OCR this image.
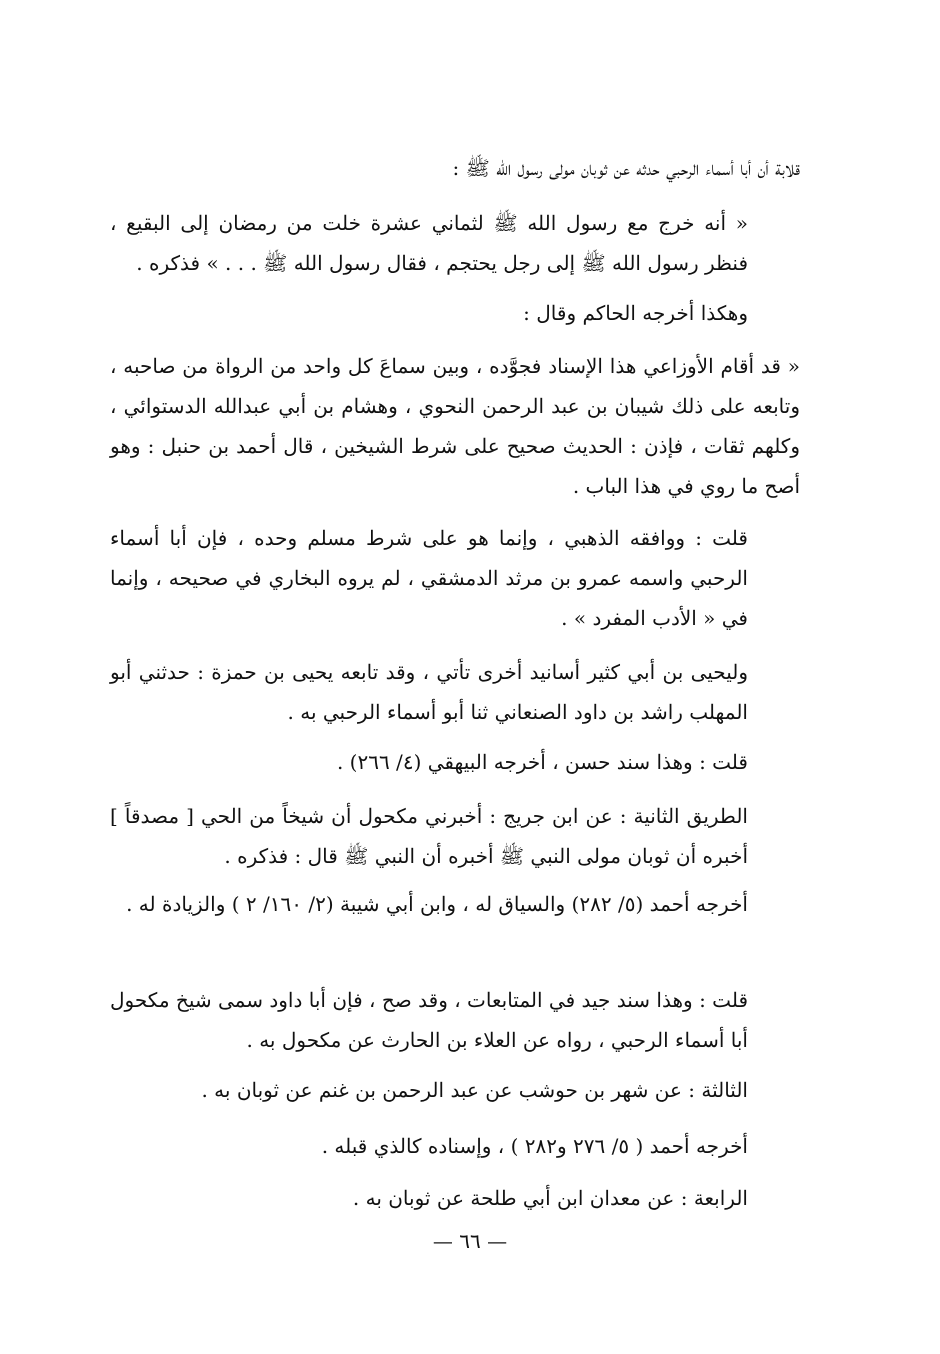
قلابة أن أبا أسماء الرحبي حدثه عن ثوبان مولى رسول الله ﷺ :

« أنه خرج مع رسول الله ﷺ لثماني عشرة خلت من رمضان إلى البقيع ، فنظر رسول الله ﷺ إلى رجل يحتجم ، فقال رسول الله ﷺ . . . » فذكره .

وهكذا أخرجه الحاكم وقال :

« قد أقام الأوزاعي هذا الإسناد فجوَّده ، وبين سماعَ كل واحد من الرواة من صاحبه ، وتابعه على ذلك شيبان بن عبد الرحمن النحوي ، وهشام بن أبي عبدالله الدستوائي ، وكلهم ثقات ، فإذن : الحديث صحيح على شرط الشيخين ، قال أحمد بن حنبل : وهو أصح ما روي في هذا الباب .

قلت : ووافقه الذهبي ، وإنما هو على شرط مسلم وحده ، فإن أبا أسماء الرحبي واسمه عمرو بن مرثد الدمشقي ، لم يروه البخاري في صحيحه ، وإنما في « الأدب المفرد » .

وليحيى بن أبي كثير أسانيد أخرى تأتي ، وقد تابعه يحيى بن حمزة : حدثني أبو المهلب راشد بن داود الصنعاني ثنا أبو أسماء الرحبي به .

قلت : وهذا سند حسن ، أخرجه البيهقي (٤/ ٢٦٦) .

الطريق الثانية : عن ابن جريج : أخبرني مكحول أن شيخاً من الحي [ مصدقاً ] أخبره أن ثوبان مولى النبي ﷺ أخبره أن النبي ﷺ قال : فذكره .

أخرجه أحمد (٥/ ٢٨٢) والسياق له ، وابن أبي شيبة (٢/ ١٦٠/ ٢ ) والزيادة له .

قلت : وهذا سند جيد في المتابعات ، وقد صح ، فإن أبا داود سمى شيخ مكحول أبا أسماء الرحبي ، رواه عن العلاء بن الحارث عن مكحول به .

الثالثة : عن شهر بن حوشب عن عبد الرحمن بن غنم عن ثوبان به .

أخرجه أحمد ( ٥/ ٢٧٦ و٢٨٢ ) ، وإسناده كالذي قبله .

الرابعة : عن معدان ابن أبي طلحة عن ثوبان به .

— ٦٦ —
